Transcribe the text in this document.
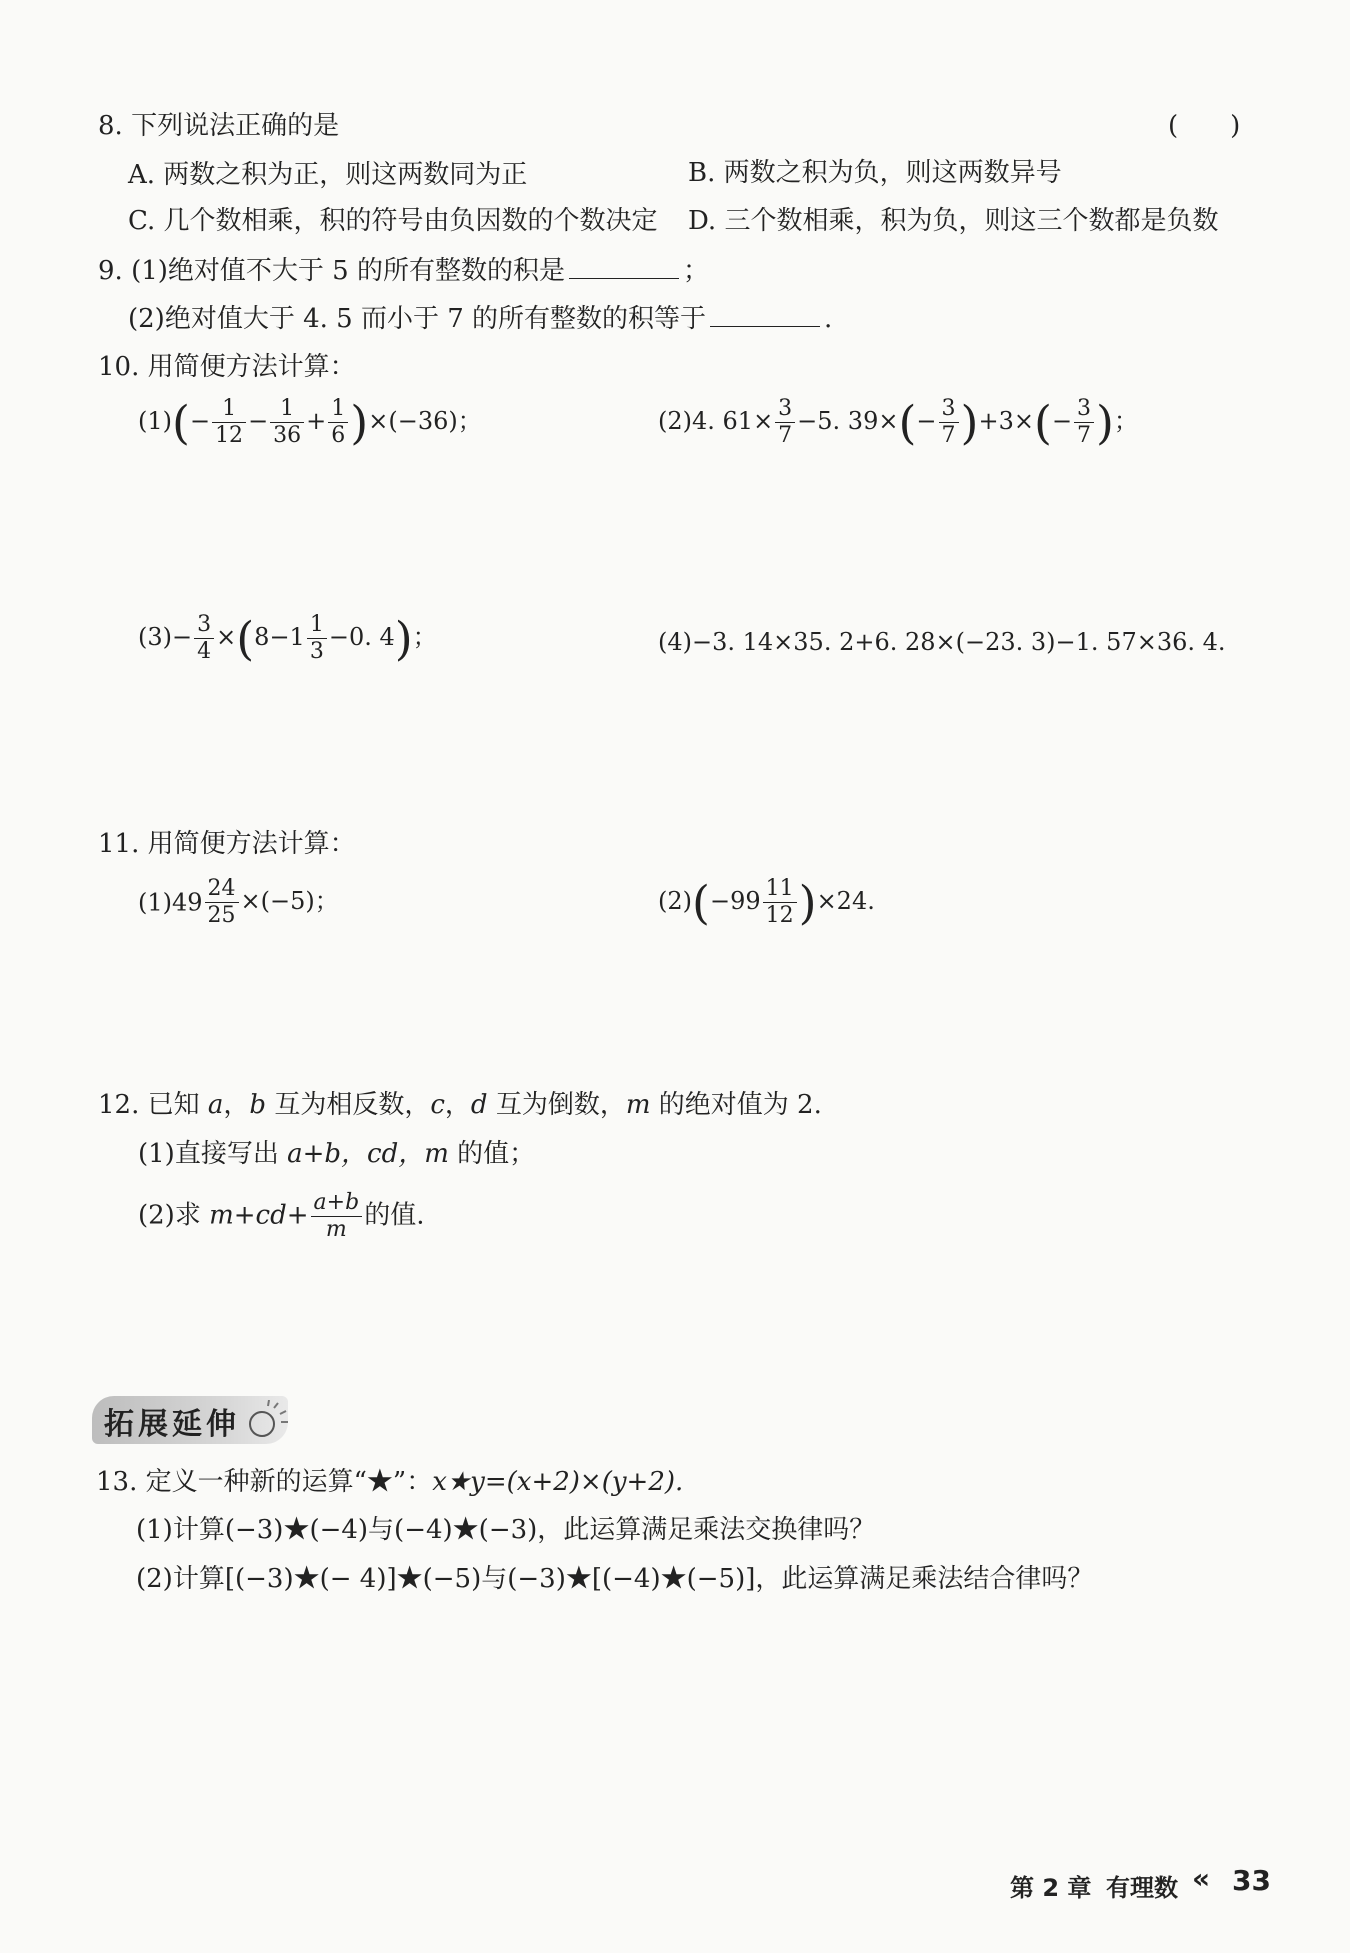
8. 下列说法正确的是	(　　)
A. 两数之积为正，则这两数同为正	B. 两数之积为负，则这两数异号
C. 几个数相乘，积的符号由负因数的个数决定 D. 三个数相乘，积为负，则这三个数都是负数
9. (1)绝对值不大于 5 的所有整数的积是	；
(2)绝对值大于 4. 5 而小于 7 的所有整数的积等于	.
10. 用简便方法计算：
$(1)(- \frac{1}{12} - \frac{1}{36} + \frac{1}{6} )\times(-36)$；	(2)4. $61\times \frac{3}{7} -5$. $39\times(- \frac{3}{7} )+3\times(- \frac{3}{7}$ )；
$(3)- \frac{3}{4} \times(8-1 \frac{1}{3} -0$. 4)；	(4)−3. 14×35. 2+6. 28×(−23. 3)−1. 57×36. 4.
11. 用简便方法计算：
$(1)49 \frac{24}{25} \times(-5)$；	$(2)(-99 \frac{11}{12} )\times 24$.
12. 已知 a，b 互为相反数，c，d 互为倒数，m 的绝对值为 2.
(1)直接写出 a+b，cd，m 的值；
(2)求 $m+cd+ \frac{a+b}{m}$ 的值.
拓展延伸
13. 定义一种新的运算“★”：x★y=(x+2)×(y+2).
(1)计算(−3)★(−4)与(−4)★(−3)，此运算满足乘法交换律吗？
(2)计算[(−3)★(− 4)]★(−5)与(−3)★[(−4)★(−5)]，此运算满足乘法结合律吗？
第 2 章 有理数 « 33
